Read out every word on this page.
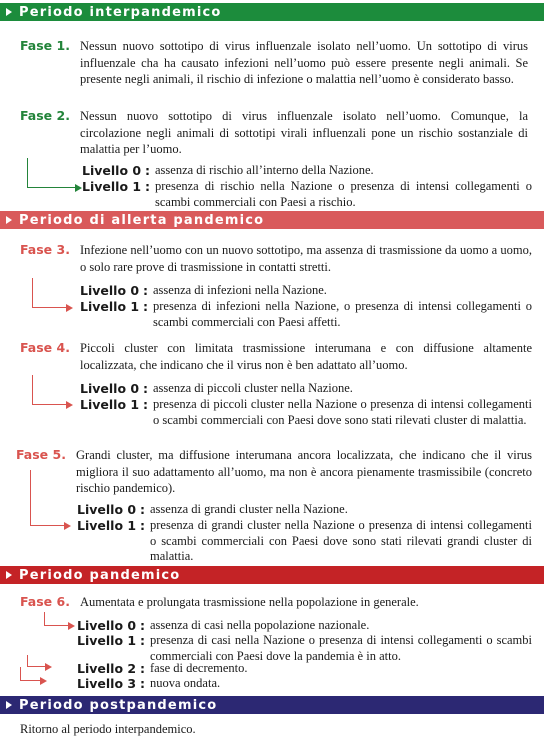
Periodo interpandemico
Fase 1. Nessun nuovo sottotipo di virus influenzale isolato nell’uomo. Un sottotipo di virus influenzale cha ha causato infezioni nell’uomo può essere presente negli animali. Se presente negli animali, il rischio di infezione o malattia nell’uomo è considerato basso.
Fase 2. Nessun nuovo sottotipo di virus influenzale isolato nell’uomo. Comunque, la circolazione negli animali di sottotipi virali influenzali pone un rischio sostanziale di malattia per l’uomo.
Livello 0 : assenza di rischio all’interno della Nazione.
Livello 1 : presenza di rischio nella Nazione o presenza di intensi collegamenti o scambi commerciali con Paesi a rischio.
Periodo di allerta pandemico
Fase 3. Infezione nell’uomo con un nuovo sottotipo, ma assenza di trasmissione da uomo a uomo, o solo rare prove di trasmissione in contatti stretti.
Livello 0 : assenza di infezioni nella Nazione.
Livello 1 : presenza di infezioni nella Nazione, o presenza di intensi collegamenti o scambi commerciali con Paesi affetti.
Fase 4. Piccoli cluster con limitata trasmissione interumana e con diffusione altamente localizzata, che indicano che il virus non è ben adattato all’uomo.
Livello 0 : assenza di piccoli cluster nella Nazione.
Livello 1 : presenza di piccoli cluster nella Nazione o presenza di intensi collegamenti o scambi commerciali con Paesi dove sono stati rilevati cluster di malattia.
Fase 5. Grandi cluster, ma diffusione interumana ancora localizzata, che indicano che il virus migliora il suo adattamento all’uomo, ma non è ancora pienamente trasmissibile (concreto rischio pandemico).
Livello 0 : assenza di grandi cluster nella Nazione.
Livello 1 : presenza di grandi cluster nella Nazione o presenza di intensi collegamenti o scambi commerciali con Paesi dove sono stati rilevati grandi cluster di malattia.
Periodo pandemico
Fase 6. Aumentata e prolungata trasmissione nella popolazione in generale.
Livello 0 : assenza di casi nella popolazione nazionale.
Livello 1 : presenza di casi nella Nazione o presenza di intensi collegamenti o scambi commerciali con Paesi dove la pandemia è in atto.
Livello 2 : fase di decremento.
Livello 3 : nuova ondata.
Periodo postpandemico
Ritorno al periodo interpandemico.
